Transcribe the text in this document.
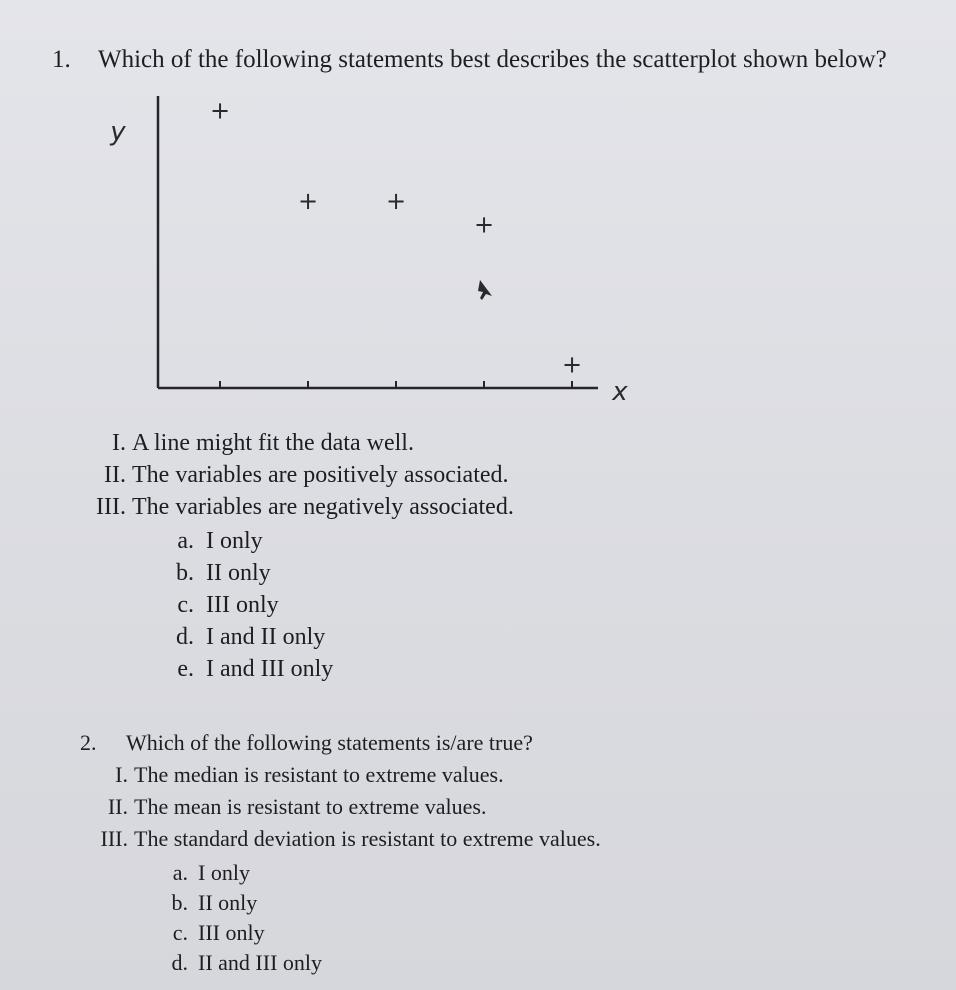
1. Which of the following statements best describes the scatterplot shown below?
y
x
+
+	+
+
+
I. A line might fit the data well.
II. The variables are positively associated.
III. The variables are negatively associated.
a. I only
b. II only
c. III only
d. I and II only
e. I and III only
2. Which of the following statements is/are true?
I. The median is resistant to extreme values.
II. The mean is resistant to extreme values.
III. The standard deviation is resistant to extreme values.
a. I only
b. II only
c. III only
d. II and III only
